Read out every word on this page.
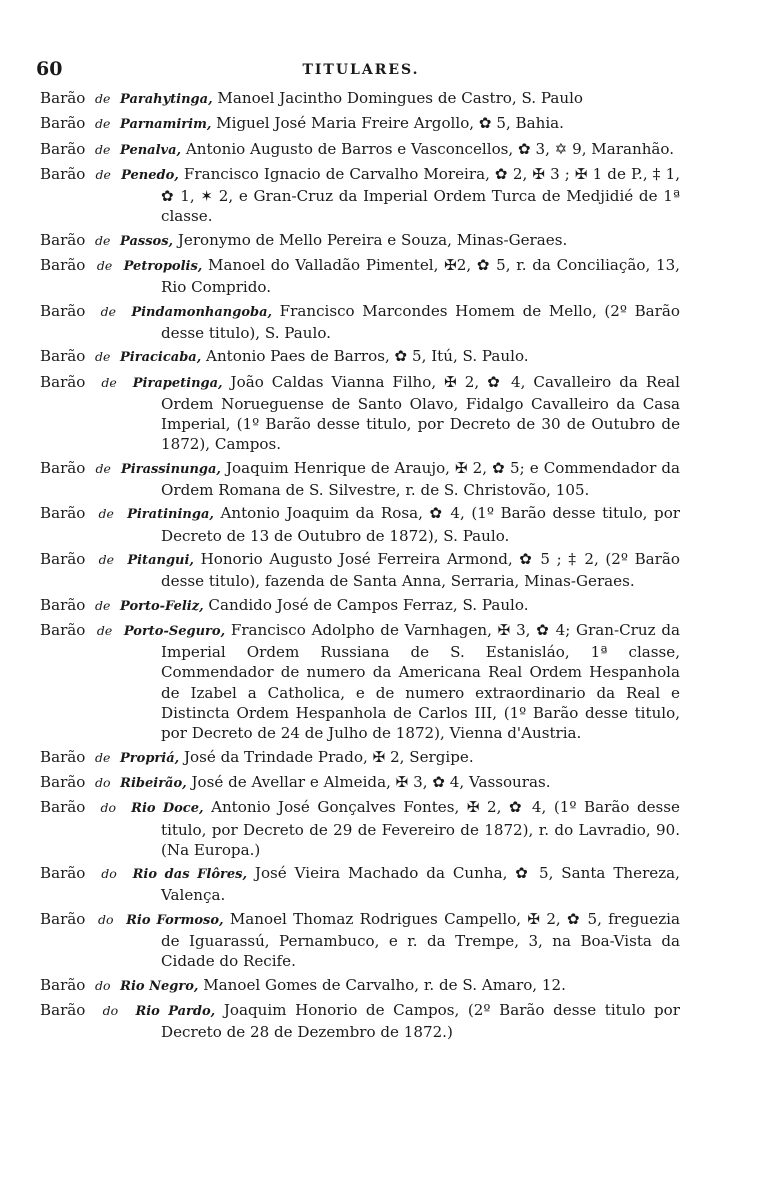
60	TITULARES.
Barão de Parahytinga, Manoel Jacintho Domingues de Castro, S. Paulo
Barão de Parnamirim, Miguel José Maria Freire Argollo, ✿ 5, Bahia.
Barão de Penalva, Antonio Augusto de Barros e Vasconcellos, ✿ 3, ✡ 9, Maranhão.
Barão de Penedo, Francisco Ignacio de Carvalho Moreira, ✿ 2, ✠ 3 ; ✠ 1 de P., ‡ 1, ✿ 1, ✶ 2, e Gran-Cruz da Imperial Ordem Turca de Medjidié de 1ª classe.
Barão de Passos, Jeronymo de Mello Pereira e Souza, Minas-Geraes.
Barão de Petropolis, Manoel do Valladão Pimentel, ✠2, ✿ 5, r. da Conciliação, 13, Rio Comprido.
Barão de Pindamonhangoba, Francisco Marcondes Homem de Mello, (2º Barão desse titulo), S. Paulo.
Barão de Piracicaba, Antonio Paes de Barros, ✿ 5, Itú, S. Paulo.
Barão de Pirapetinga, João Caldas Vianna Filho, ✠ 2, ✿ 4, Cavalleiro da Real Ordem Norueguense de Santo Olavo, Fidalgo Cavalleiro da Casa Imperial, (1º Barão desse titulo, por Decreto de 30 de Outubro de 1872), Campos.
Barão de Pirassinunga, Joaquim Henrique de Araujo, ✠ 2, ✿ 5; e Commendador da Ordem Romana de S. Silvestre, r. de S. Christovão, 105.
Barão de Piratininga, Antonio Joaquim da Rosa, ✿ 4, (1º Barão desse titulo, por Decreto de 13 de Outubro de 1872), S. Paulo.
Barão de Pitangui, Honorio Augusto José Ferreira Armond, ✿ 5 ; ‡ 2, (2º Barão desse titulo), fazenda de Santa Anna, Serraria, Minas-Geraes.
Barão de Porto-Feliz, Candido José de Campos Ferraz, S. Paulo.
Barão de Porto-Seguro, Francisco Adolpho de Varnhagen, ✠ 3, ✿ 4; Gran-Cruz da Imperial Ordem Russiana de S. Estanisláo, 1ª classe, Commendador de numero da Americana Real Ordem Hespanhola de Izabel a Catholica, e de numero extraordinario da Real e Distincta Ordem Hespanhola de Carlos III, (1º Barão desse titulo, por Decreto de 24 de Julho de 1872), Vienna d'Austria.
Barão de Propriá, José da Trindade Prado, ✠ 2, Sergipe.
Barão do Ribeirão, José de Avellar e Almeida, ✠ 3, ✿ 4, Vassouras.
Barão do Rio Doce, Antonio José Gonçalves Fontes, ✠ 2, ✿ 4, (1º Barão desse titulo, por Decreto de 29 de Fevereiro de 1872), r. do Lavradio, 90. (Na Europa.)
Barão do Rio das Flôres, José Vieira Machado da Cunha, ✿ 5, Santa Thereza, Valença.
Barão do Rio Formoso, Manoel Thomaz Rodrigues Campello, ✠ 2, ✿ 5, freguezia de Iguarassú, Pernambuco, e r. da Trempe, 3, na Boa-Vista da Cidade do Recife.
Barão do Rio Negro, Manoel Gomes de Carvalho, r. de S. Amaro, 12.
Barão do Rio Pardo, Joaquim Honorio de Campos, (2º Barão desse titulo por Decreto de 28 de Dezembro de 1872.)
